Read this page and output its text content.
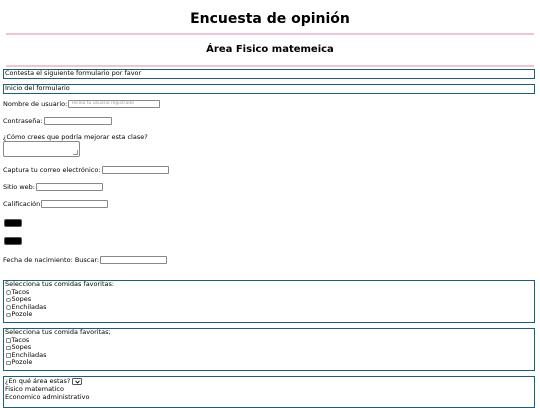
Encuesta de opinión
Área Fisico matemeica
Contesta el siguiente formulario por favor
Inicio del formulario
Nombre de usuario: Teclea tu usuario registrado
Contraseña:
¿Cómo crees que podría mejorar esta clase?
Captura tu correo electrónico:
Sitio web:
Calificación
Fecha de nacimiento: Buscar:
Selecciona tus comidas favoritas:
Tacos
Sopes
Enchiladas
Pozole
Selecciona tus comida favoritas;
Tacos
Sopes
Enchiladas
Pozole
¿En qué área estas?
Fisico matematico
Economico administrativo
